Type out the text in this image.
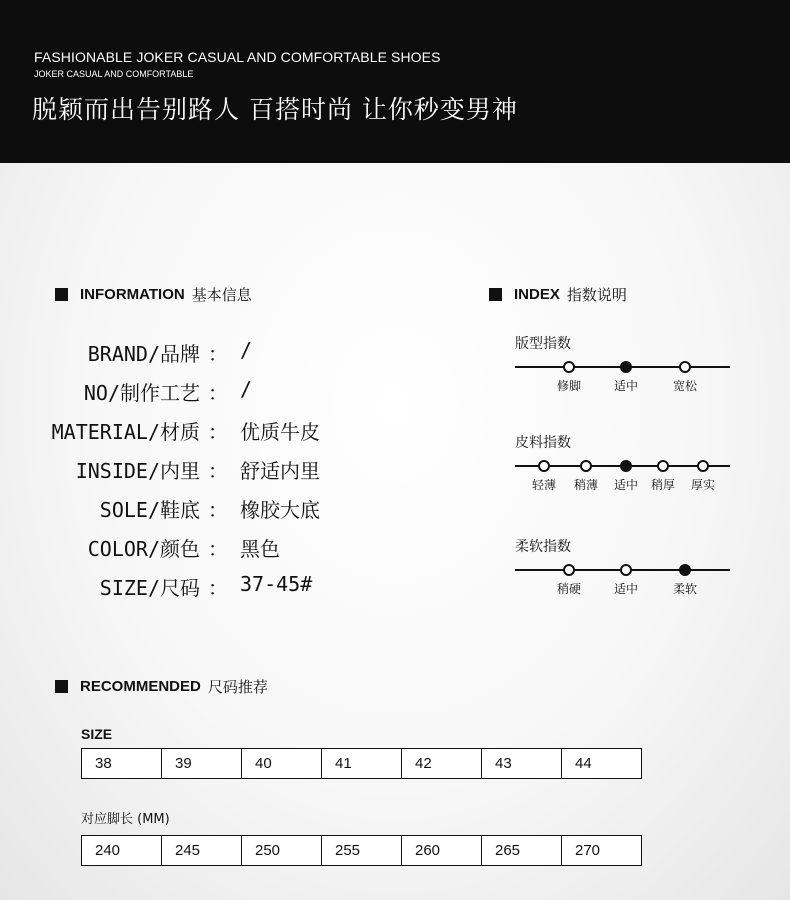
FASHIONABLE JOKER CASUAL AND COMFORTABLE SHOES
JOKER CASUAL AND COMFORTABLE
脱颖而出告别路人 百搭时尚 让你秒变男神
INFORMATION 基本信息
BRAND/品牌 ： /
NO/制作工艺 ： /
MATERIAL/材质 ： 优质牛皮
INSIDE/内里 ： 舒适内里
SOLE/鞋底 ： 橡胶大底
COLOR/颜色 ： 黑色
SIZE/尺码 ： 37-45#
INDEX 指数说明
版型指数
修脚	适中	宽松
皮料指数
轻薄 稍薄 适中 稍厚 厚实
柔软指数
稍硬	适中	柔软
RECOMMENDED 尺码推荐
SIZE
38	39	40	41	42	43	44
对应脚长 (MM)
240	245	250	255	260	265	270
